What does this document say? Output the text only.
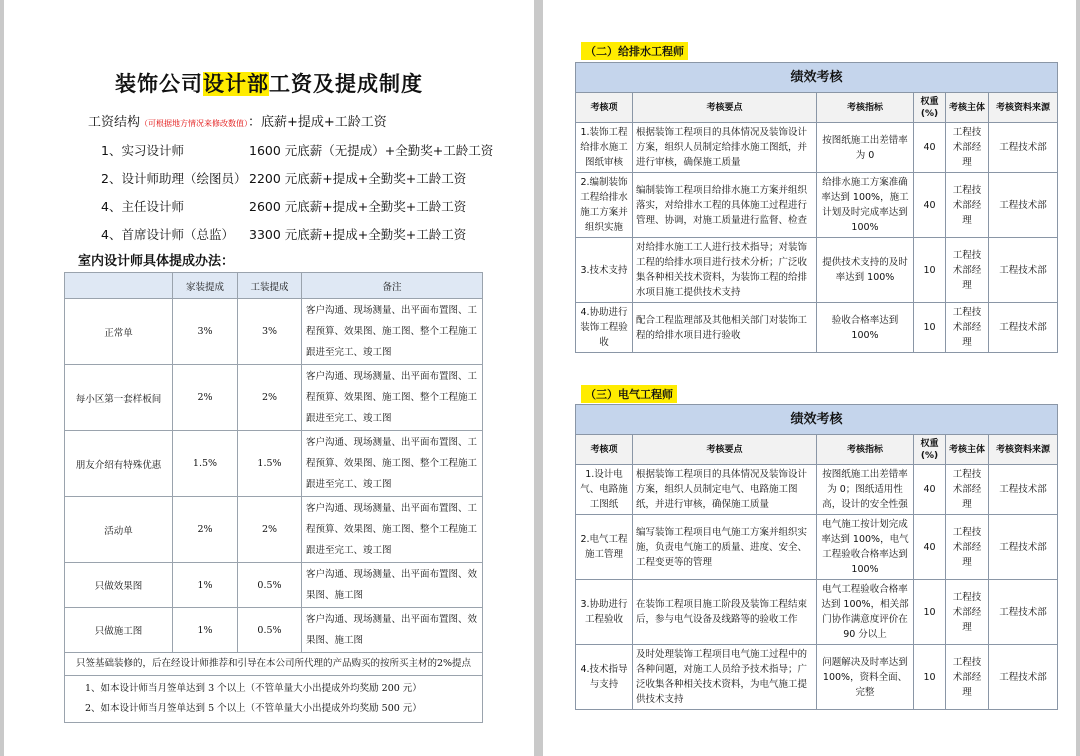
装饰公司设计部工资及提成制度
工资结构（可根据地方情况来修改数值）：底薪+提成+工龄工资
1、实习设计师	1600 元底薪（无提成）+全勤奖+工龄工资
2、设计师助理（绘图员） 2200 元底薪+提成+全勤奖+工龄工资
4、主任设计师	2600 元底薪+提成+全勤奖+工龄工资
4、首席设计师（总监） 3300 元底薪+提成+全勤奖+工龄工资
室内设计师具体提成办法：
	家装提成	工装提成	备注
正常单	3%	3%	客户沟通、现场测量、出平面布置图、工程预算、效果图、施工图、整个工程施工跟进至完工、竣工图
每小区第一套样板间	2%	2%	客户沟通、现场测量、出平面布置图、工程预算、效果图、施工图、整个工程施工跟进至完工、竣工图
朋友介绍有特殊优惠	1.5%	1.5%	客户沟通、现场测量、出平面布置图、工程预算、效果图、施工图、整个工程施工跟进至完工、竣工图
活动单	2%	2%	客户沟通、现场测量、出平面布置图、工程预算、效果图、施工图、整个工程施工跟进至完工、竣工图
只做效果图	1%	0.5%	客户沟通、现场测量、出平面布置图、效果图、施工图
只做施工图	1%	0.5%	客户沟通、现场测量、出平面布置图、效果图、施工图
只签基础装修的，后在经设计师推荐和引导在本公司所代理的产品购买的按所买主材的2%提点			

1、如本设计师当月签单达到 3 个以上（不管单量大小出提成外均奖励 200 元）
2、如本设计师当月签单达到 5 个以上（不管单量大小出提成外均奖励 500 元）			
（二）给排水工程师
绩效考核					
考核项	考核要点	考核指标	权重(%)	考核主体	考核资料来源
1.装饰工程给排水施工图纸审核	根据装饰工程项目的具体情况及装饰设计方案，组织人员制定给排水施工图纸，并进行审核，确保施工质量	按图纸施工出差错率为 0	40	工程技术部经理	工程技术部
2.编制装饰工程给排水施工方案并组织实施	编制装饰工程项目给排水施工方案并组织落实，对给排水工程的具体施工过程进行管理、协调，对施工质量进行监督、检查	给排水施工方案准确率达到 100%，施工计划及时完成率达到 100%	40	工程技术部经理	工程技术部
3.技术支持	对给排水施工工人进行技术指导；对装饰工程的给排水项目进行技术分析；广泛收集各种相关技术资料，为装饰工程的给排水项目施工提供技术支持	提供技术支持的及时率达到 100%	10	工程技术部经理	工程技术部
4.协助进行装饰工程验收	配合工程监理部及其他相关部门对装饰工程的给排水项目进行验收	验收合格率达到 100%	10	工程技术部经理	工程技术部
（三）电气工程师
绩效考核					
考核项	考核要点	考核指标	权重(%)	考核主体	考核资料来源
1.设计电气、电路施工图纸	根据装饰工程项目的具体情况及装饰设计方案，组织人员制定电气、电路施工图纸，并进行审核，确保施工质量	按图纸施工出差错率为 0；图纸适用性高，设计的安全性强	40	工程技术部经理	工程技术部
2.电气工程施工管理	编写装饰工程项目电气施工方案并组织实施，负责电气施工的质量、进度、安全、工程变更等的管理	电气施工按计划完成率达到 100%，电气工程验收合格率达到 100%	40	工程技术部经理	工程技术部
3.协助进行工程验收	在装饰工程项目施工阶段及装饰工程结束后，参与电气设备及线路等的验收工作	电气工程验收合格率达到 100%，相关部门协作满意度评价在 90 分以上	10	工程技术部经理	工程技术部
4.技术指导与支持	及时处理装饰工程项目电气施工过程中的各种问题，对施工人员给予技术指导；广泛收集各种相关技术资料，为电气施工提供技术支持	问题解决及时率达到 100%，资料全面、完整	10	工程技术部经理	工程技术部
